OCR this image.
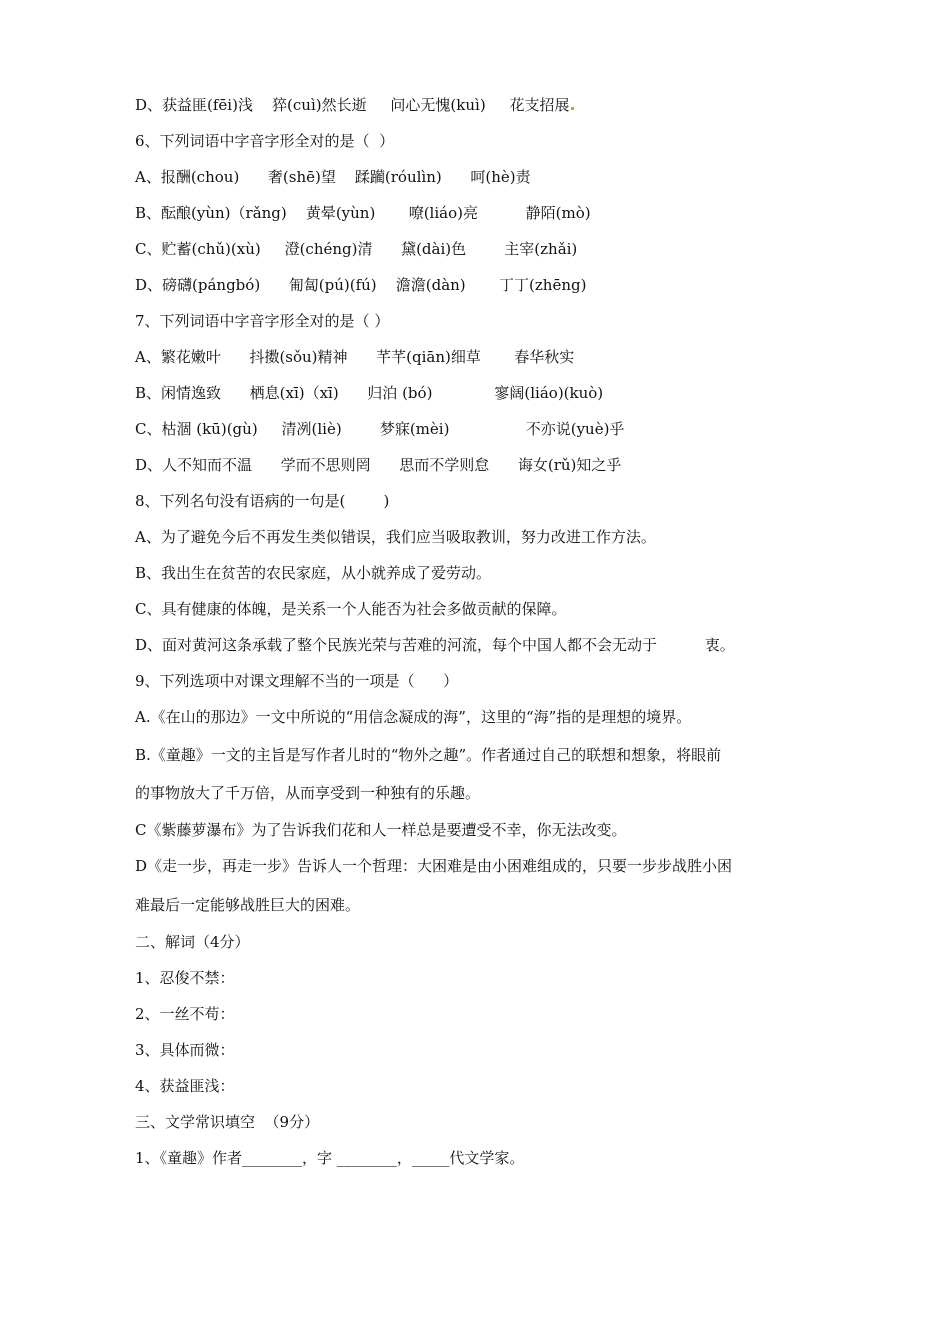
D、获益匪(fēi)浅    猝(cuì)然长逝     问心无愧(kuì)     花支招展
6、下列词语中字音字形全对的是（  ）
A、报酬(chou)      奢(shē)望    蹂躏(róulìn)      呵(hè)责
B、酝酿(yùn)（rǎng)    黄晕(yùn)       嘹(liáo)亮          静陌(mò)
C、贮蓄(chǔ)(xù)     澄(chéng)清      黛(dài)色        主宰(zhǎi)
D、磅礴(pángbó)      匍匐(pú)(fú)    澹澹(dàn)       丁丁(zhēng)
7、下列词语中字音字形全对的是（ ）
A、繁花嫩叶      抖擞(sǒu)精神      芊芊(qiān)细草       春华秋实
B、闲情逸致      栖息(xī)（xī)      归泊 (bó)             寥阔(liáo)(kuò)
C、枯涸 (kū)(gù)     清冽(liè)        梦寐(mèi)                不亦说(yuè)乎
D、人不知而不温      学而不思则罔      思而不学则怠      诲女(rǔ)知之乎
8、下列名句没有语病的一句是(        )
A、为了避免今后不再发生类似错误，我们应当吸取教训，努力改进工作方法。
B、我出生在贫苦的农民家庭，从小就养成了爱劳动。
C、具有健康的体魄，是关系一个人能否为社会多做贡献的保障。
D、面对黄河这条承载了整个民族光荣与苦难的河流，每个中国人都不会无动于          衷。
9、下列选项中对课文理解不当的一项是（      ）
A.《在山的那边》一文中所说的“用信念凝成的海”，这里的“海”指的是理想的境界。
B.《童趣》一文的主旨是写作者儿时的“物外之趣”。作者通过自己的联想和想象，将眼前
的事物放大了千万倍，从而享受到一种独有的乐趣。
C《紫藤萝瀑布》为了告诉我们花和人一样总是要遭受不幸，你无法改变。
D《走一步，再走一步》告诉人一个哲理：大困难是由小困难组成的，只要一步步战胜小困
难最后一定能够战胜巨大的困难。
二、解词（4分）
1、忍俊不禁：
2、一丝不苟：
3、具体而微：
4、获益匪浅：
三、文学常识填空  （9分）
1、《童趣》作者________，字 ________，_____代文学家。
